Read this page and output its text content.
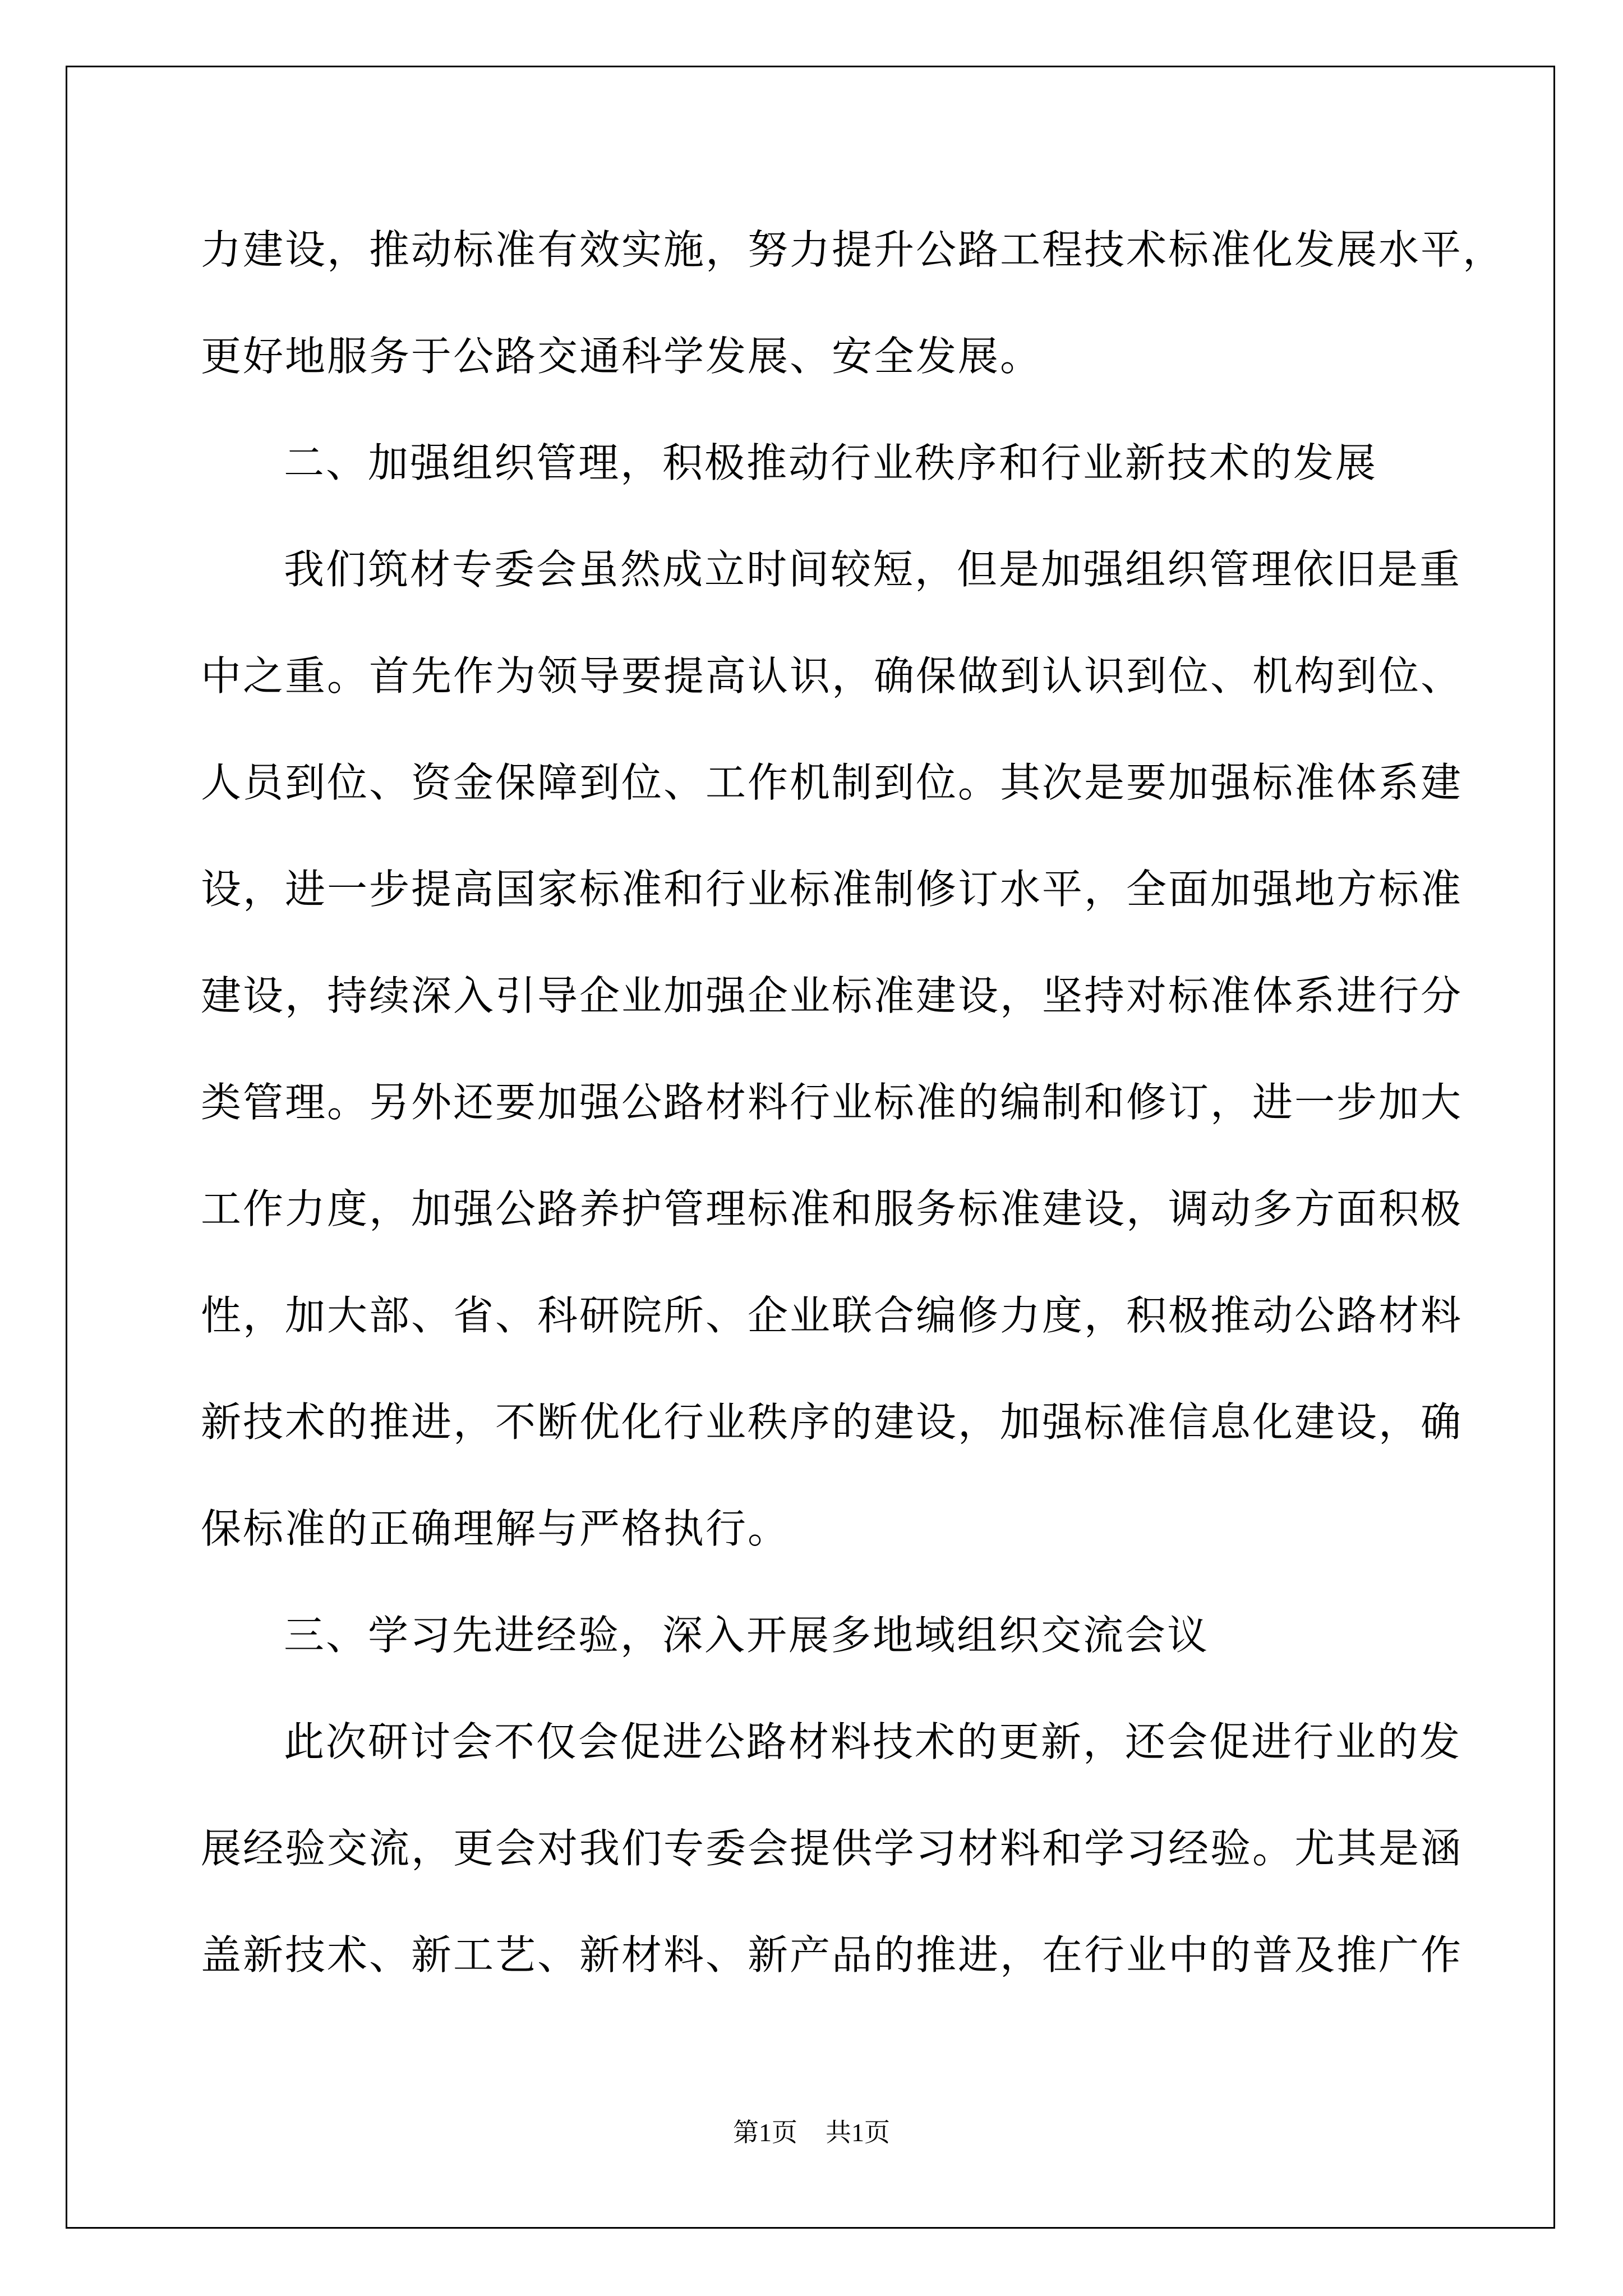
力建设，推动标准有效实施，努力提升公路工程技术标准化发展水平，
更好地服务于公路交通科学发展、安全发展。
二、加强组织管理，积极推动行业秩序和行业新技术的发展
我们筑材专委会虽然成立时间较短，但是加强组织管理依旧是重
中之重。首先作为领导要提高认识，确保做到认识到位、机构到位、
人员到位、资金保障到位、工作机制到位。其次是要加强标准体系建
设，进一步提高国家标准和行业标准制修订水平，全面加强地方标准
建设，持续深入引导企业加强企业标准建设，坚持对标准体系进行分
类管理。另外还要加强公路材料行业标准的编制和修订，进一步加大
工作力度，加强公路养护管理标准和服务标准建设，调动多方面积极
性，加大部、省、科研院所、企业联合编修力度，积极推动公路材料
新技术的推进，不断优化行业秩序的建设，加强标准信息化建设，确
保标准的正确理解与严格执行。
三、学习先进经验，深入开展多地域组织交流会议
此次研讨会不仅会促进公路材料技术的更新，还会促进行业的发
展经验交流，更会对我们专委会提供学习材料和学习经验。尤其是涵
盖新技术、新工艺、新材料、新产品的推进，在行业中的普及推广作
第1页 共1页
